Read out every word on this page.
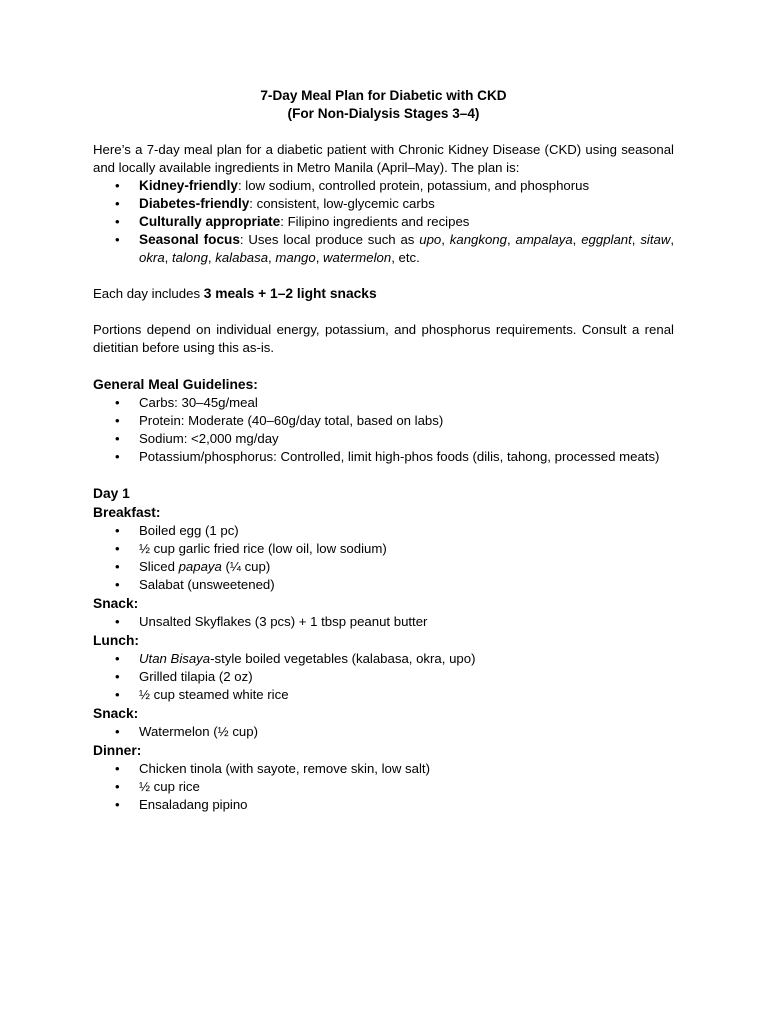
7-Day Meal Plan for Diabetic with CKD

(For Non-Dialysis Stages 3–4)

Here’s a 7-day meal plan for a diabetic patient with Chronic Kidney Disease (CKD) using seasonal and locally available ingredients in Metro Manila (April–May). The plan is:

• Kidney-friendly: low sodium, controlled protein, potassium, and phosphorus
• Diabetes-friendly: consistent, low-glycemic carbs
• Culturally appropriate: Filipino ingredients and recipes
• Seasonal focus: Uses local produce such as upo, kangkong, ampalaya, eggplant, sitaw, okra, talong, kalabasa, mango, watermelon, etc.

Each day includes 3 meals + 1–2 light snacks

Portions depend on individual energy, potassium, and phosphorus requirements. Consult a renal dietitian before using this as-is.

General Meal Guidelines:

• Carbs: 30–45g/meal
• Protein: Moderate (40–60g/day total, based on labs)
• Sodium: <2,000 mg/day
• Potassium/phosphorus: Controlled, limit high-phos foods (dilis, tahong, processed meats)

Day 1

Breakfast:

• Boiled egg (1 pc)
• ½ cup garlic fried rice (low oil, low sodium)
• Sliced papaya (¼ cup)
• Salabat (unsweetened)

Snack:

• Unsalted Skyflakes (3 pcs) + 1 tbsp peanut butter

Lunch:

• Utan Bisaya-style boiled vegetables (kalabasa, okra, upo)
• Grilled tilapia (2 oz)
• ½ cup steamed white rice

Snack:

• Watermelon (½ cup)

Dinner:

• Chicken tinola (with sayote, remove skin, low salt)
• ½ cup rice
• Ensaladang pipino
